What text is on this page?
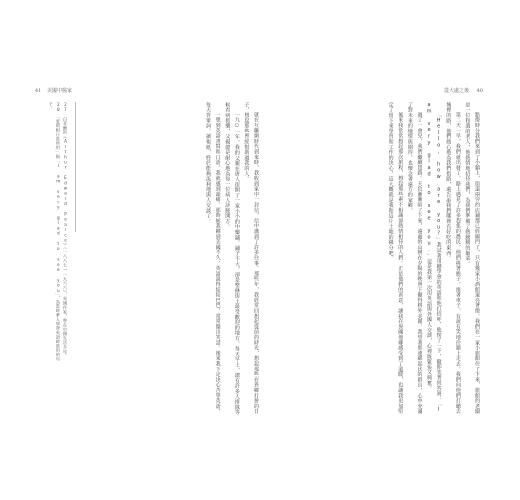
41 美國中醫家

27　白菲爾的《Arthur Edward Pearce》（一八八七—一九六六），英國作家，曾在中國生活多年。

28　「愛則相日常所用」指「I am very glad to see you」，為當時華人學習英語時常用的句子。

就在互聯網時代到來時，我收到家中一封信，信中講到了許多往事。那些年，我經常回想起從前的時光，想起那些在異鄉打拚的日子，想起那些曾經幫助過我的人。

一九○一年，我的父親在唐人街開了一家小小的中藥鋪，鋪子不大，卻是整條街上最受歡迎的地方。每天早上，總有許多人排隊等候看病抓藥，父親總是耐心地為每一位病人診脈開方。

一想到英語書寫和口語，我就感到頭痛。那時候我剛到美國不久，英語說得結結巴巴，常常鬧出笑話。後來我下定決心苦學英語，每天背單詞、讀報紙，終於能夠流利地與人交談了。

從大處之後 40

點燈時分我們來到了小鎮上，街道兩旁的店鋪都已經關門了，只有幾家小酒館還亮著燈。我們在一家小旅館住了下來，旅館的老闆是一位和藹的老人，他熱情地招待我們，為我們準備了熱騰騰的飯菜。

第二天一早，我們就出發了。路上遇見了許多趕集的農民，他們挑著擔子，推著車子，有說有笑地往鎮上走去。我們向他們打聽去城裡的路，他們熱心地為我們指路，還告訴我們哪裡有好吃的東西。

「Hello, how are you?」我試著用剛學會的英語和他打招呼，他愣了一下，隨即笑著回答說：「I am very glad to see you.」這是我第一次用英語與外國人交談，心裡既緊張又興奮。

過了一會兒，我們繼續趕路。天色漸漸暗了下來，遠處的山巒在夕陽的映照下顯得格外美麗。我望著那連綿起伏的群山，心中充滿了對未來的憧憬與期待，也懷念著遠方的家鄉。

後來我常常想起那次旅程，想起那些素不相識卻熱情相待的人們。正是他們的善意，讓我在異國他鄉感受到了溫暖，也讓我更加堅定了留下來學習和工作的決心，這大概就是我和這片土地的緣分吧。
